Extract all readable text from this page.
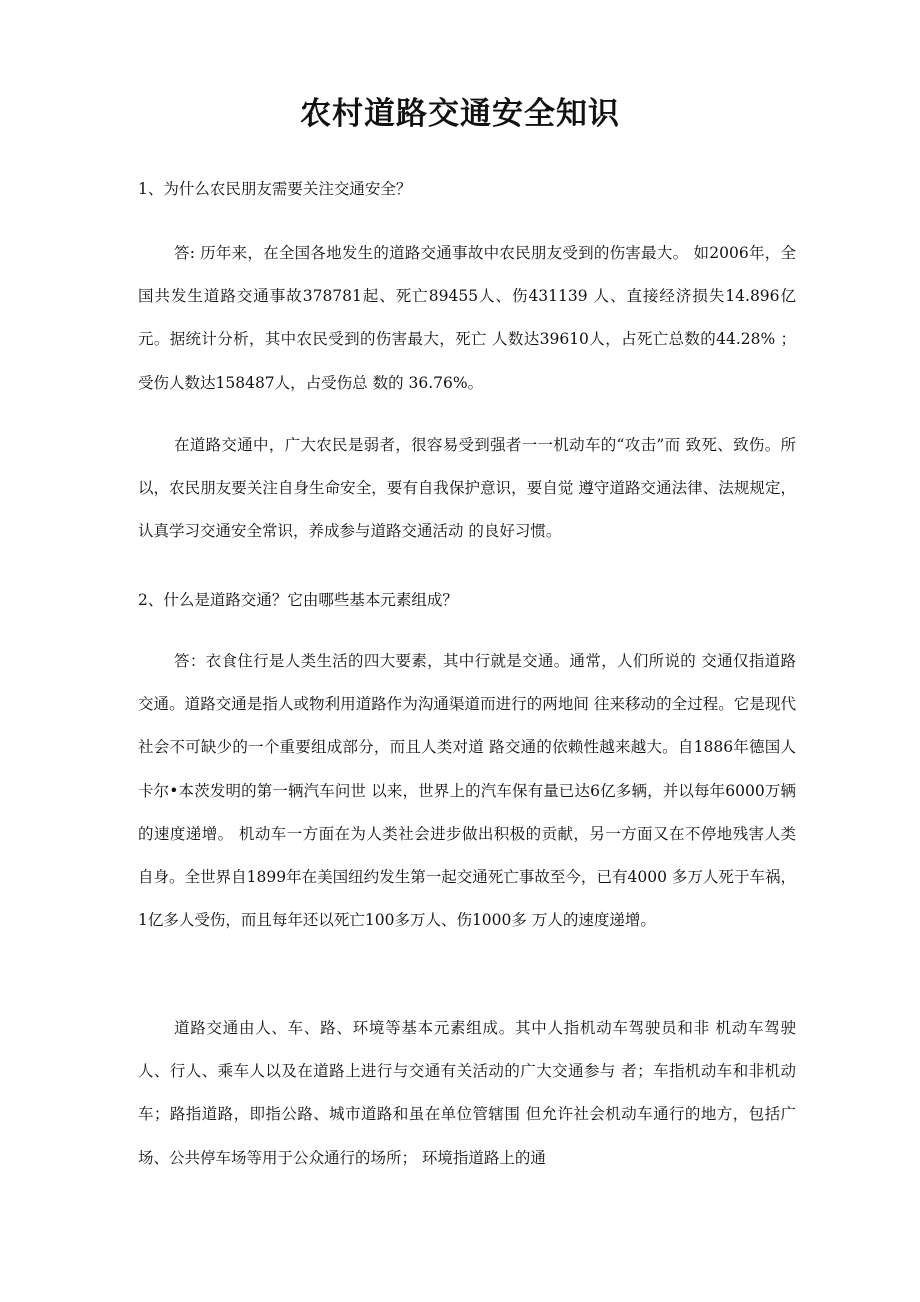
农村道路交通安全知识

1、为什么农民朋友需要关注交通安全？

答: 历年来，在全国各地发生的道路交通事故中农民朋友受到的伤害最大。 如2006年，全国共发生道路交通事故378781起、死亡89455人、伤431139 人、直接经济损失14.896亿元。据统计分析，其中农民受到的伤害最大，死亡 人数达39610人，占死亡总数的44.28% ；受伤人数达158487人，占受伤总 数的 36.76%。

在道路交通中，广大农民是弱者，很容易受到强者一一机动车的“攻击”而 致死、致伤。所以，农民朋友要关注自身生命安全，要有自我保护意识，要自觉 遵守道路交通法律、法规规定，认真学习交通安全常识，养成参与道路交通活动 的良好习惯。

2、什么是道路交通？它由哪些基本元素组成？

答：衣食住行是人类生活的四大要素，其中行就是交通。通常，人们所说的 交通仅指道路交通。道路交通是指人或物利用道路作为沟通渠道而进行的两地间 往来移动的全过程。它是现代社会不可缺少的一个重要组成部分，而且人类对道 路交通的依赖性越来越大。自1886年德国人卡尔•本茨发明的第一辆汽车问世 以来，世界上的汽车保有量已达6亿多辆，并以每年6000万辆的速度递增。 机动车一方面在为人类社会进步做出积极的贡献，另一方面又在不停地残害人类 自身。全世界自1899年在美国纽约发生第一起交通死亡事故至今，已有4000 多万人死于车祸，1亿多人受伤，而且每年还以死亡100多万人、伤1000多 万人的速度递增。

道路交通由人、车、路、环境等基本元素组成。其中人指机动车驾驶员和非 机动车驾驶人、行人、乘车人以及在道路上进行与交通有关活动的广大交通参与 者；车指机动车和非机动车；路指道路，即指公路、城市道路和虽在单位管辖围 但允许社会机动车通行的地方，包括广场、公共停车场等用于公众通行的场所； 环境指道路上的通
